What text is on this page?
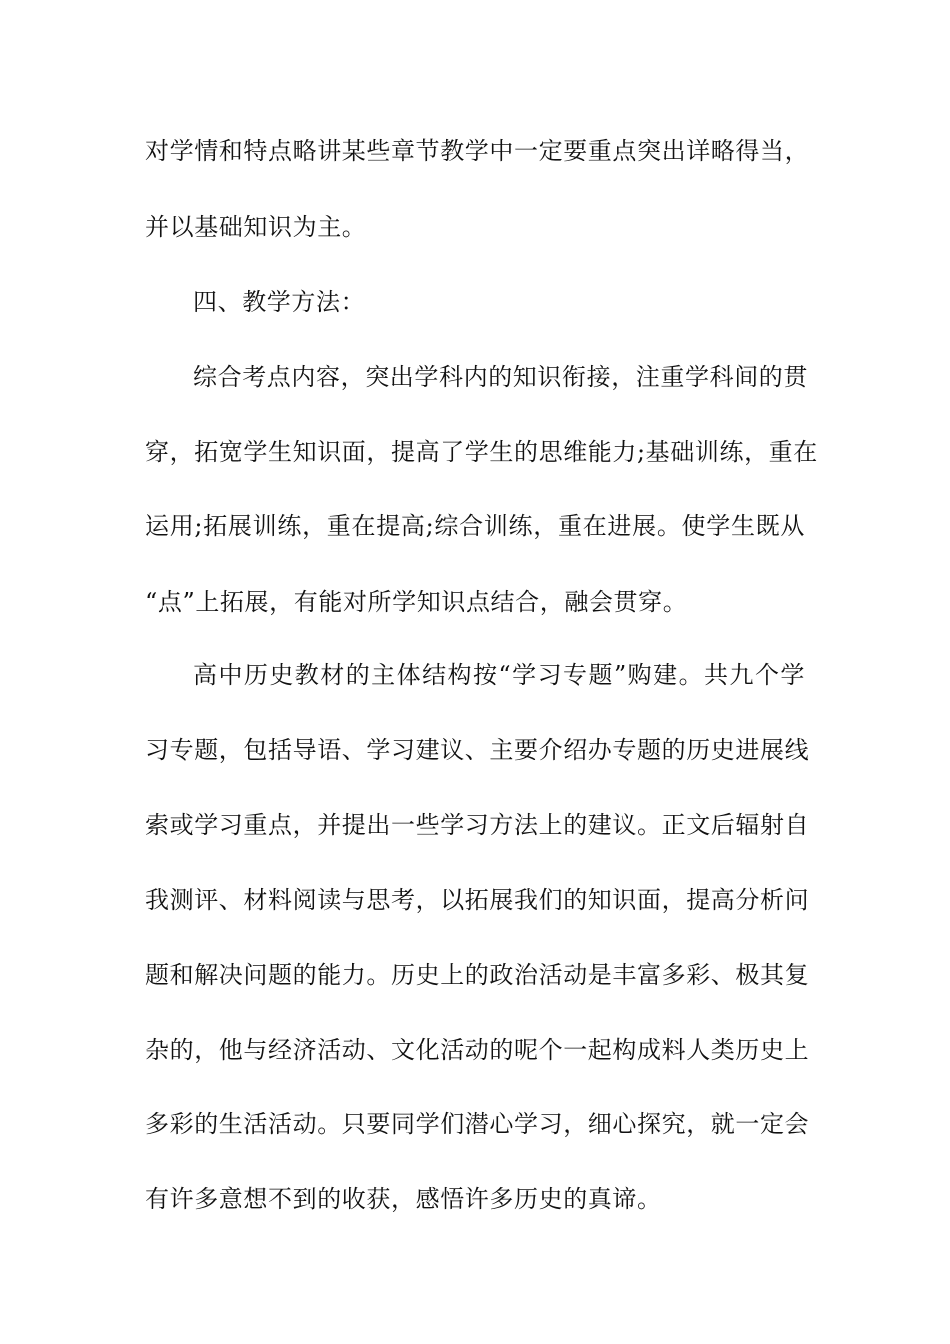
对学情和特点略讲某些章节教学中一定要重点突出详略得当，

并以基础知识为主。

四、教学方法：

综合考点内容，突出学科内的知识衔接，注重学科间的贯

穿，拓宽学生知识面，提高了学生的思维能力;基础训练，重在

运用;拓展训练，重在提高;综合训练，重在进展。使学生既从

“点”上拓展，有能对所学知识点结合，融会贯穿。

高中历史教材的主体结构按“学习专题”购建。共九个学

习专题，包括导语、学习建议、主要介绍办专题的历史进展线

索或学习重点，并提出一些学习方法上的建议。正文后辐射自

我测评、材料阅读与思考，以拓展我们的知识面，提高分析问

题和解决问题的能力。历史上的政治活动是丰富多彩、极其复

杂的，他与经济活动、文化活动的呢个一起构成料人类历史上

多彩的生活活动。只要同学们潜心学习，细心探究，就一定会

有许多意想不到的收获，感悟许多历史的真谛。
